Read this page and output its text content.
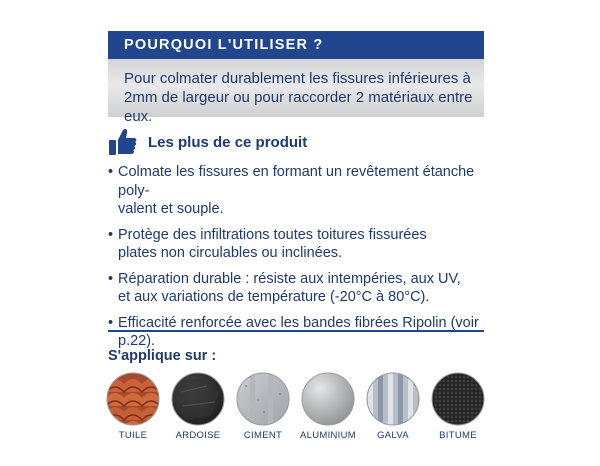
POURQUOI L'UTILISER ?
Pour colmater durablement les fissures inférieures à
2mm de largeur ou pour raccorder 2 matériaux entre eux.
Les plus de ce produit
• Colmate les fissures en formant un revêtement étanche poly-
valent et souple.
• Protège des infiltrations toutes toitures fissurées
plates non circulables ou inclinées.
• Réparation durable : résiste aux intempéries, aux UV,
et aux variations de température (-20°C à 80°C).
• Efficacité renforcée avec les bandes fibrées Ripolin (voir p.22).
S'applique sur :
TUILE	ARDOISE	CIMENT	ALUMINIUM	GALVA	BITUME
